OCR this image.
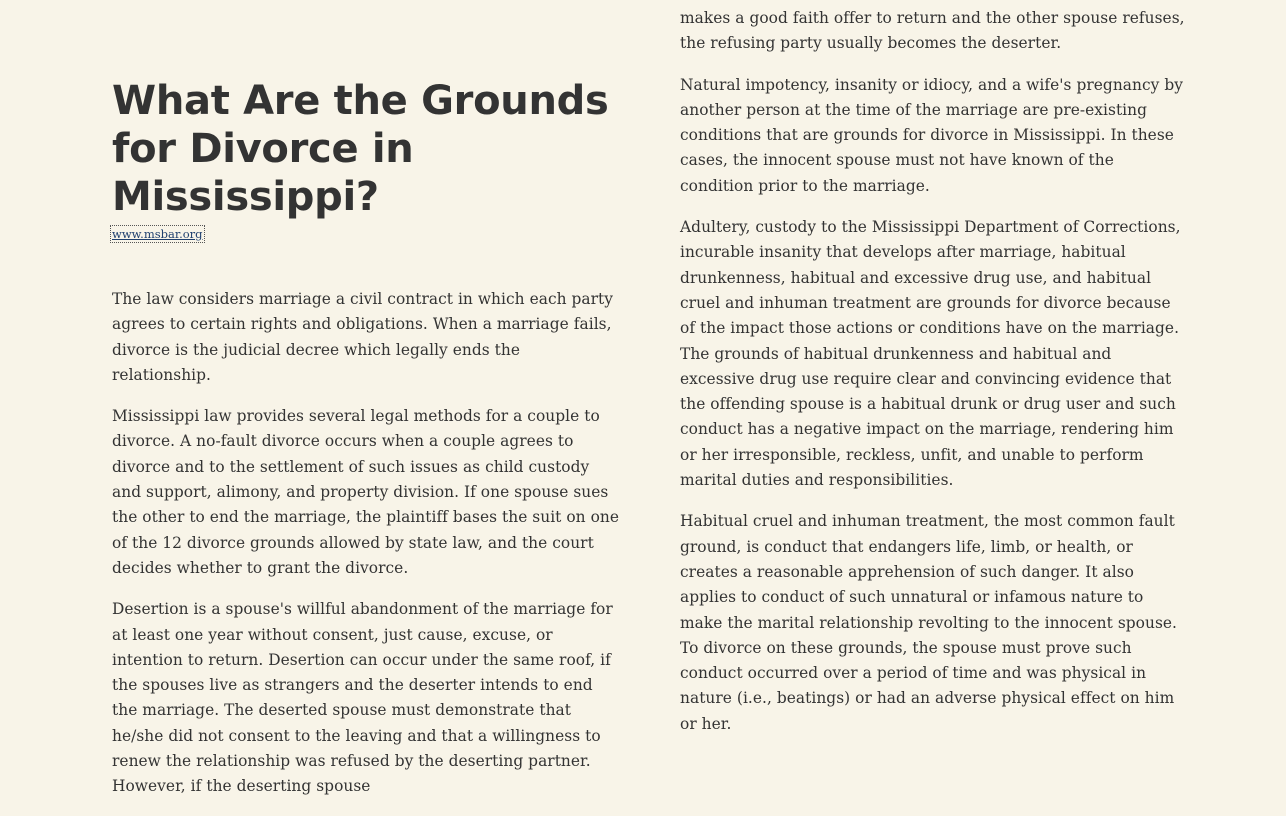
What Are the Grounds for Divorce in Mississippi?
www.msbar.org

The law considers marriage a civil contract in which each party agrees to certain rights and obligations. When a marriage fails, divorce is the judicial decree which legally ends the relationship.

Mississippi law provides several legal methods for a couple to divorce. A no-fault divorce occurs when a couple agrees to divorce and to the settlement of such issues as child custody and support, alimony, and property division. If one spouse sues the other to end the marriage, the plaintiff bases the suit on one of the 12 divorce grounds allowed by state law, and the court decides whether to grant the divorce.

Desertion is a spouse's willful abandonment of the marriage for at least one year without consent, just cause, excuse, or intention to return. Desertion can occur under the same roof, if the spouses live as strangers and the deserter intends to end the marriage. The deserted spouse must demonstrate that he/she did not consent to the leaving and that a willingness to renew the relationship was refused by the deserting partner. However, if the deserting spouse

makes a good faith offer to return and the other spouse refuses, the refusing party usually becomes the deserter.

Natural impotency, insanity or idiocy, and a wife's pregnancy by another person at the time of the marriage are pre-existing conditions that are grounds for divorce in Mississippi. In these cases, the innocent spouse must not have known of the condition prior to the marriage.

Adultery, custody to the Mississippi Department of Corrections, incurable insanity that develops after marriage, habitual drunkenness, habitual and excessive drug use, and habitual cruel and inhuman treatment are grounds for divorce because of the impact those actions or conditions have on the marriage. The grounds of habitual drunkenness and habitual and excessive drug use require clear and convincing evidence that the offending spouse is a habitual drunk or drug user and such conduct has a negative impact on the marriage, rendering him or her irresponsible, reckless, unfit, and unable to perform marital duties and responsibilities.

Habitual cruel and inhuman treatment, the most common fault ground, is conduct that endangers life, limb, or health, or creates a reasonable apprehension of such danger. It also applies to conduct of such unnatural or infamous nature to make the marital relationship revolting to the innocent spouse. To divorce on these grounds, the spouse must prove such conduct occurred over a period of time and was physical in nature (i.e., beatings) or had an adverse physical effect on him or her.
